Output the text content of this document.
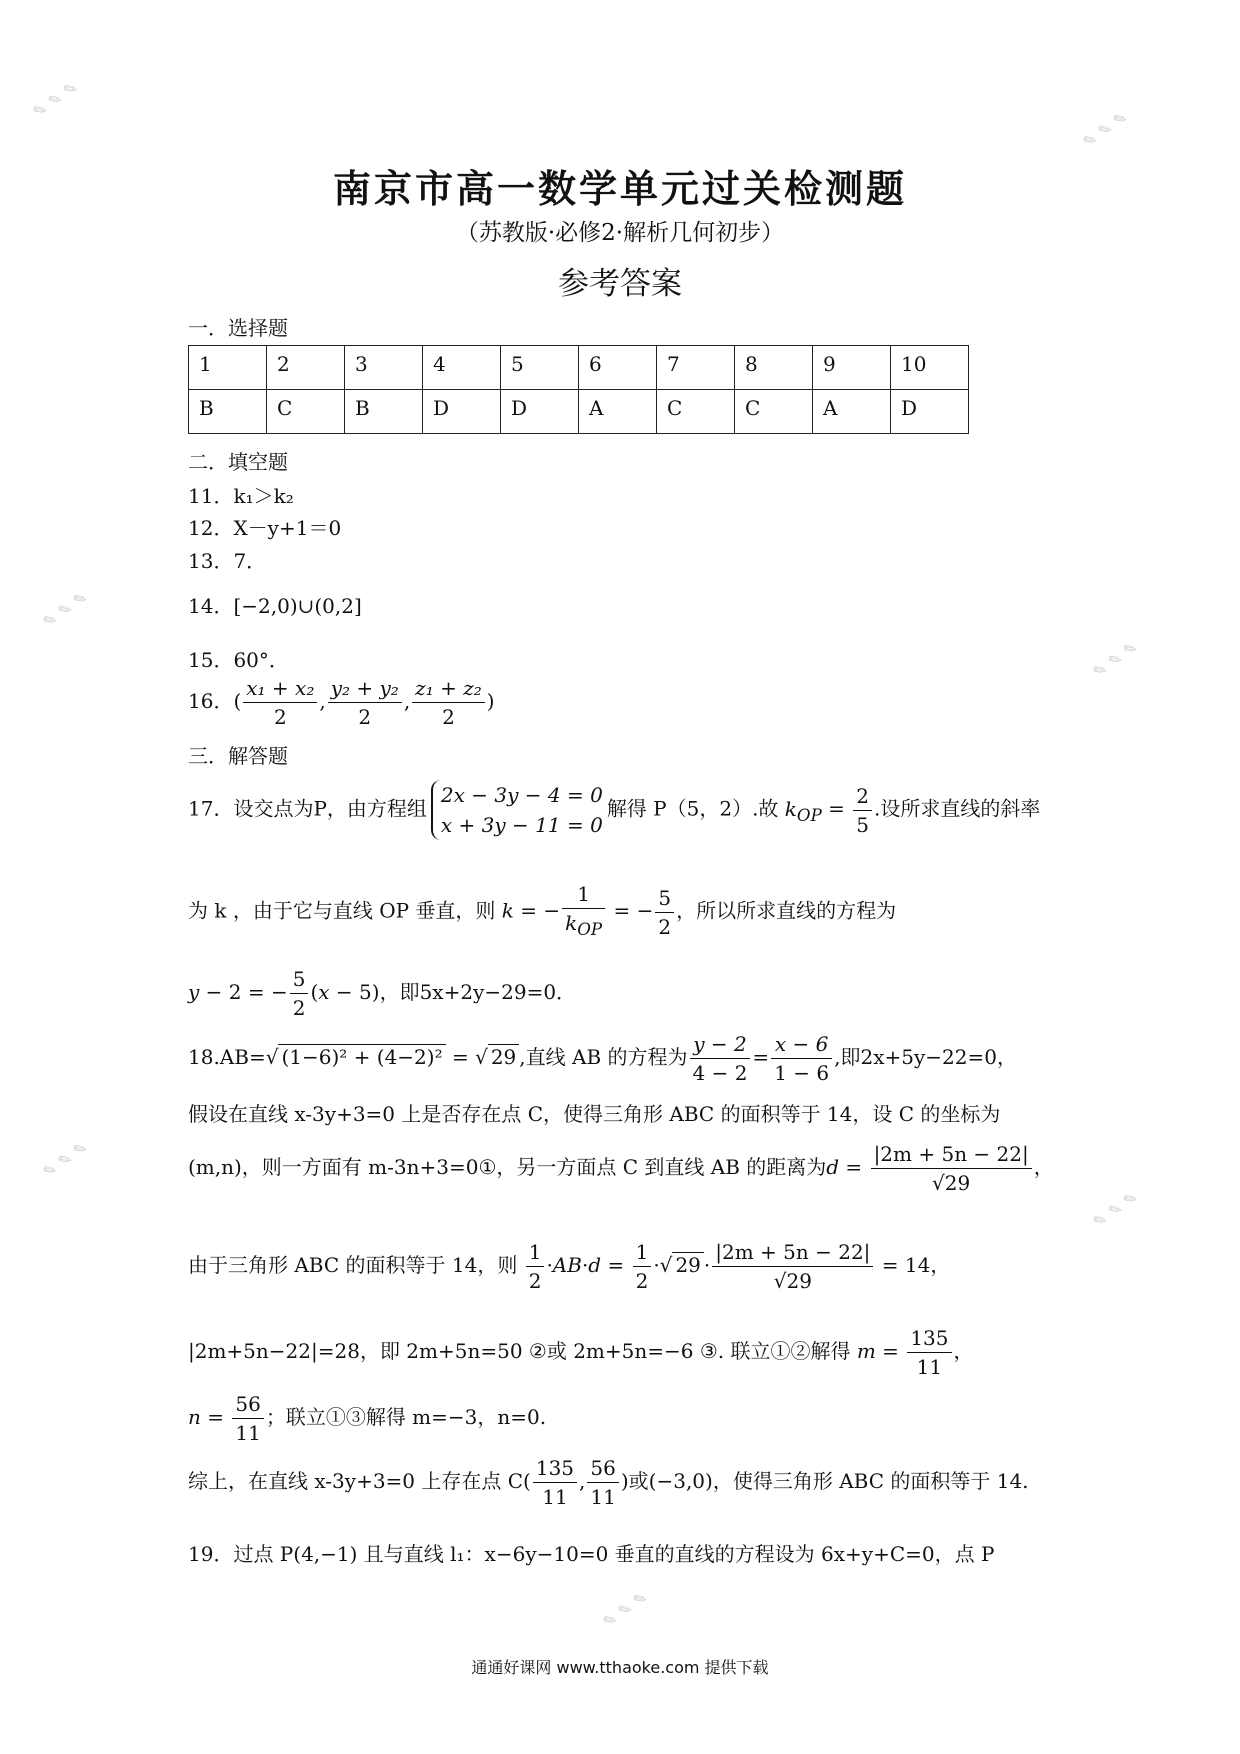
南京市高一数学单元过关检测题
（苏教版·必修2·解析几何初步）
参考答案
一．选择题
1	2	3	4	5	6	7	8	9	10
B	C	B	D	D	A	C	C	A	D
二．填空题
11．k₁＞k₂
12．X－y+1＝0
13．7．
14．[−2,0)∪(0,2]
15．60°．
16．( $\frac{\text{x₁ + x₂}}{2}$ , $\frac{\text{y₂ + y₂}}{2}$ , $\frac{\text{z₁ + z₂}}{2}$ )
三．解答题
17．设交点为P，由方程组2x − 3y − 4 = 0
x + 3y − 11 = 0解得 P（5，2）.故 $k_{OP} = \frac{2}{5}$ .设所求直线的斜率
为 k ，由于它与直线 OP 垂直，则 k = − $\frac{1}{k_{OP}}$ = − $\frac{5}{2}$ ，所以所求直线的方程为
y − 2 = − $\frac{5}{2} (x - 5)$，即5x+2y−29=0．
18.AB=√ (1−6)² + (4−2)² = √ 29 ,直线 AB 的方程为 $\frac{y - 2}{4 - 2} = \frac{x - 6}{1 - 6}$ ,即2x+5y−22=0，
假设在直线 x-3y+3=0 上是否存在点 C，使得三角形 ABC 的面积等于 14，设 C 的坐标为
(m,n)，则一方面有 m-3n+3=0①，另一方面点 C 到直线 AB 的距离为$d = \frac{|2m + 5n - 22|}{√29}$ ，
由于三角形 ABC 的面积等于 14，则 $\frac{1}{2} \cdot AB\cdot d = \frac{1}{2}$ ·√ $29 \cdot \frac{|2m + 5n - 22|}{√29} = 14$，
|2m+5n−22|=28，即 2m+5n=50 ②或 2m+5n=−6 ③. 联立①②解得 $m = \frac{135}{11}$ ，
$n = \frac{56}{11}$ ；联立①③解得 m=−3，n=0.
综上，在直线 x-3y+3=0 上存在点 $C( \frac{135}{11}$ , $\frac{56}{11}$ )或(−3,0)，使得三角形 ABC 的面积等于 14.
19．过点 P(4,−1) 且与直线 l₁：x−6y−10=0 垂直的直线的方程设为 6x+y+C=0，点 P
通通好课网 www.tthaoke.com 提供下载
✎ ✎ ✎
✎ ✎ ✎
✎ ✎ ✎
✎ ✎ ✎
✎ ✎ ✎
✎ ✎ ✎
✎ ✎ ✎
